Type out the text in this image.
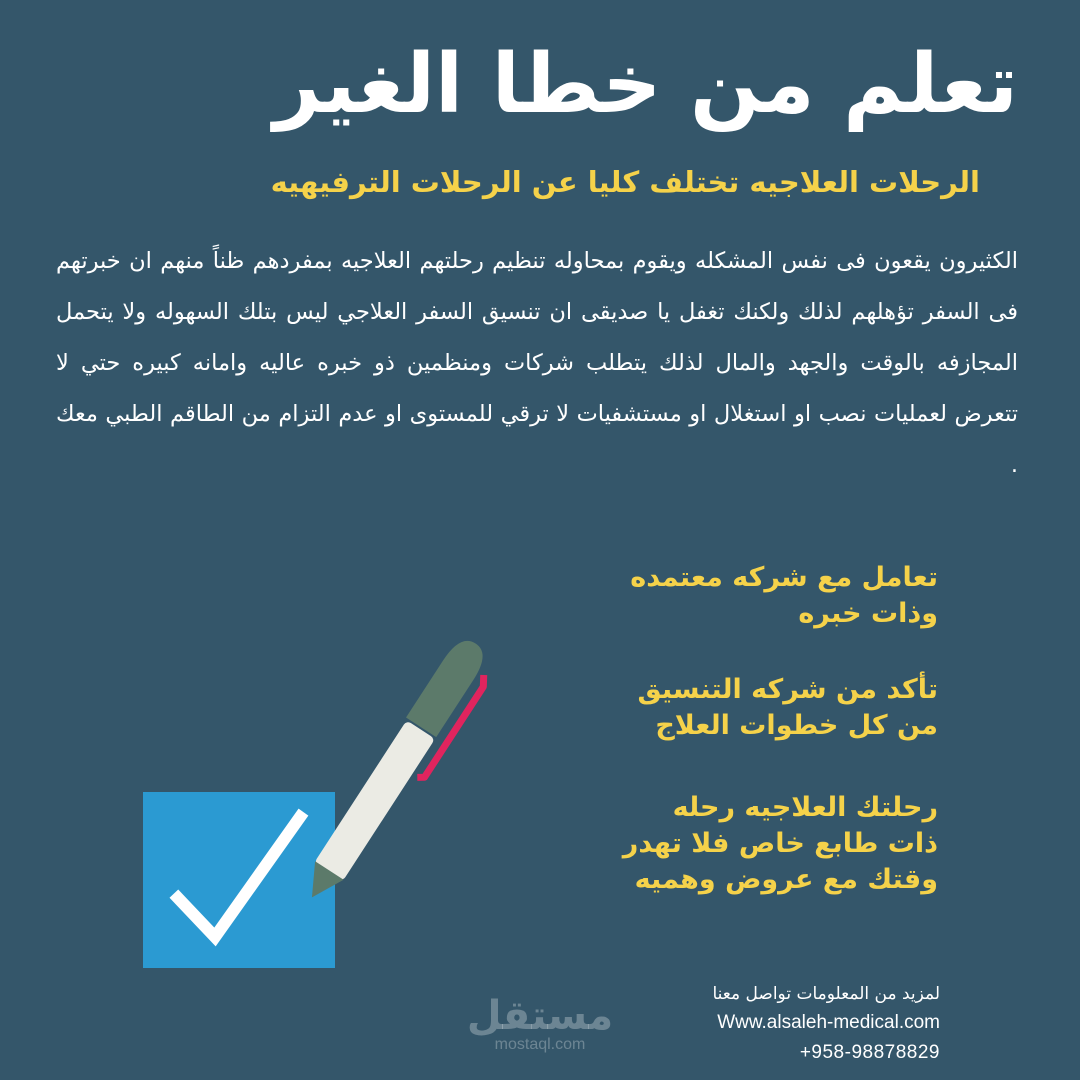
تعلم من خطا الغير
الرحلات العلاجيه تختلف كليا عن الرحلات الترفيهيه
الكثيرون يقعون فى نفس المشكله ويقوم بمحاوله تنظيم رحلتهم العلاجيه بمفردهم ظناً منهم ان خبرتهم فى السفر تؤهلهم لذلك ولكنك تغفل يا صديقى ان تنسيق السفر العلاجي ليس بتلك السهوله ولا يتحمل المجازفه بالوقت والجهد والمال لذلك يتطلب شركات ومنظمين ذو خبره عاليه وامانه كبيره حتي لا تتعرض لعمليات نصب او استغلال او مستشفيات لا ترقي للمستوى او عدم التزام من الطاقم الطبي معك .
تعامل مع شركه معتمده
وذات خبره
تأكد من شركه التنسيق
من كل خطوات العلاج
رحلتك العلاجيه رحله
ذات طابع خاص فلا تهدر
وقتك مع عروض وهميه
مستقل
mostaql.com
لمزيد من المعلومات تواصل معنا
Www.alsaleh-medical.com
+958-98878829
